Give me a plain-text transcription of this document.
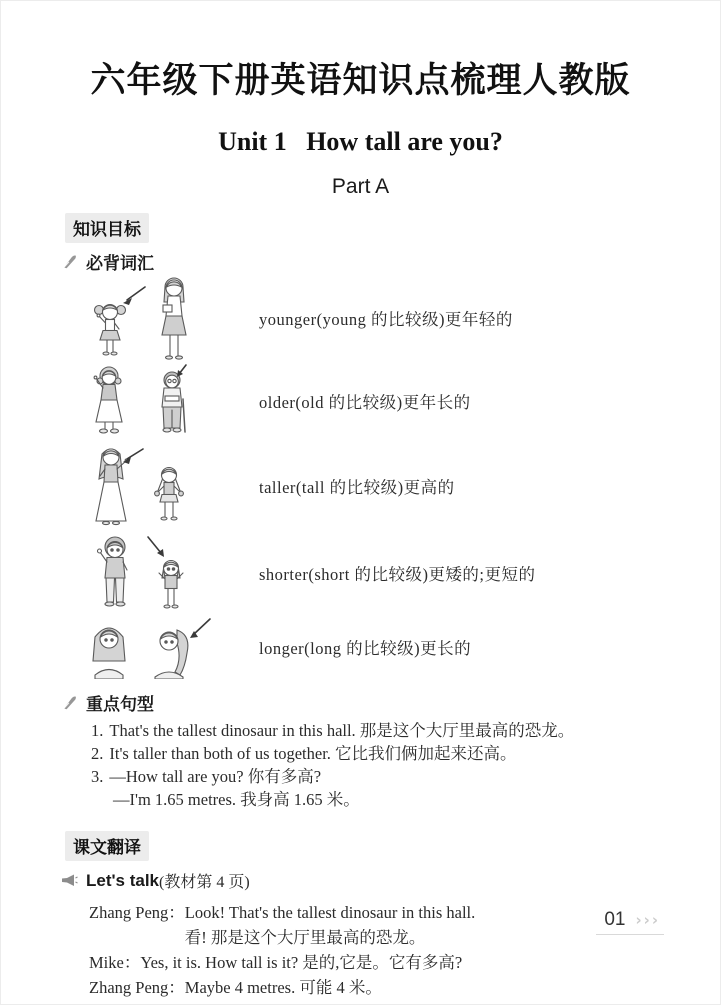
六年级下册英语知识点梳理人教版
Unit 1   How tall are you?
Part A
知识目标
必背词汇
younger(young 的比较级)更年轻的
older(old 的比较级)更年长的
taller(tall 的比较级)更高的
shorter(short 的比较级)更矮的;更短的
longer(long 的比较级)更长的
重点句型
1. That's the tallest dinosaur in this hall. 那是这个大厅里最高的恐龙。
2. It's taller than both of us together. 它比我们俩加起来还高。
3. —How tall are you? 你有多高?
—I'm 1.65 metres. 我身高 1.65 米。
课文翻译
Let's talk (教材第 4 页)
Zhang Peng： Look! That's the tallest dinosaur in this hall.
看! 那是这个大厅里最高的恐龙。
Mike： Yes, it is. How tall is it? 是的,它是。它有多高?
Zhang Peng： Maybe 4 metres. 可能 4 米。
01 ›››
